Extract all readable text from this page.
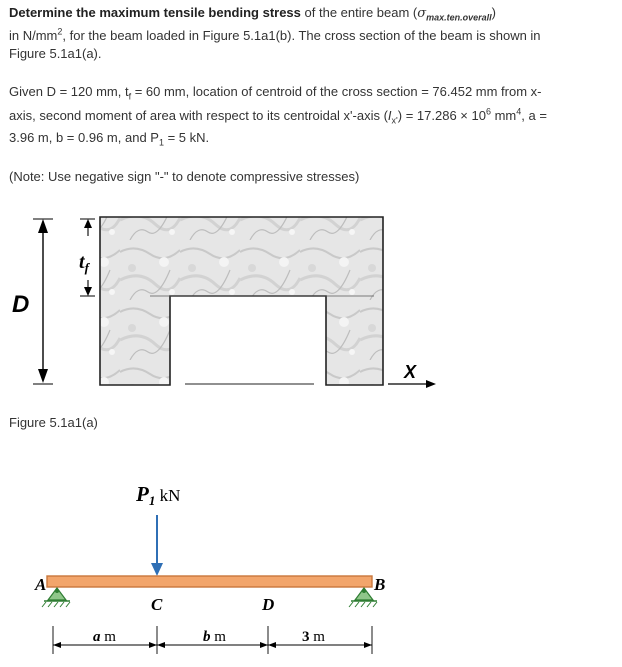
Determine the maximum tensile bending stress of the entire beam $(\sigma_{max.ten.overall})$

in $N/mm^2$, for the beam loaded in Figure 5.1a1(b). The cross section of the beam is shown in

Figure 5.1a1(a).

Given D = 120 mm, $t_f = 60$ mm, location of centroid of the cross section = 76.452 mm from x-

axis, second moment of area with respect to its centroidal x'-axis $(I_{x'}) = 17.286 \times 10^6$ $mm^4$, a =

3.96 m, b = 0.96 m, and $P_1 = 5$ kN.

(Note: Use negative sign "-" to denote compressive stresses)

$t_f$
D
X
Figure 5.1a1(a)
P1 kN
A	B
C	D
a m	b m	3 m
